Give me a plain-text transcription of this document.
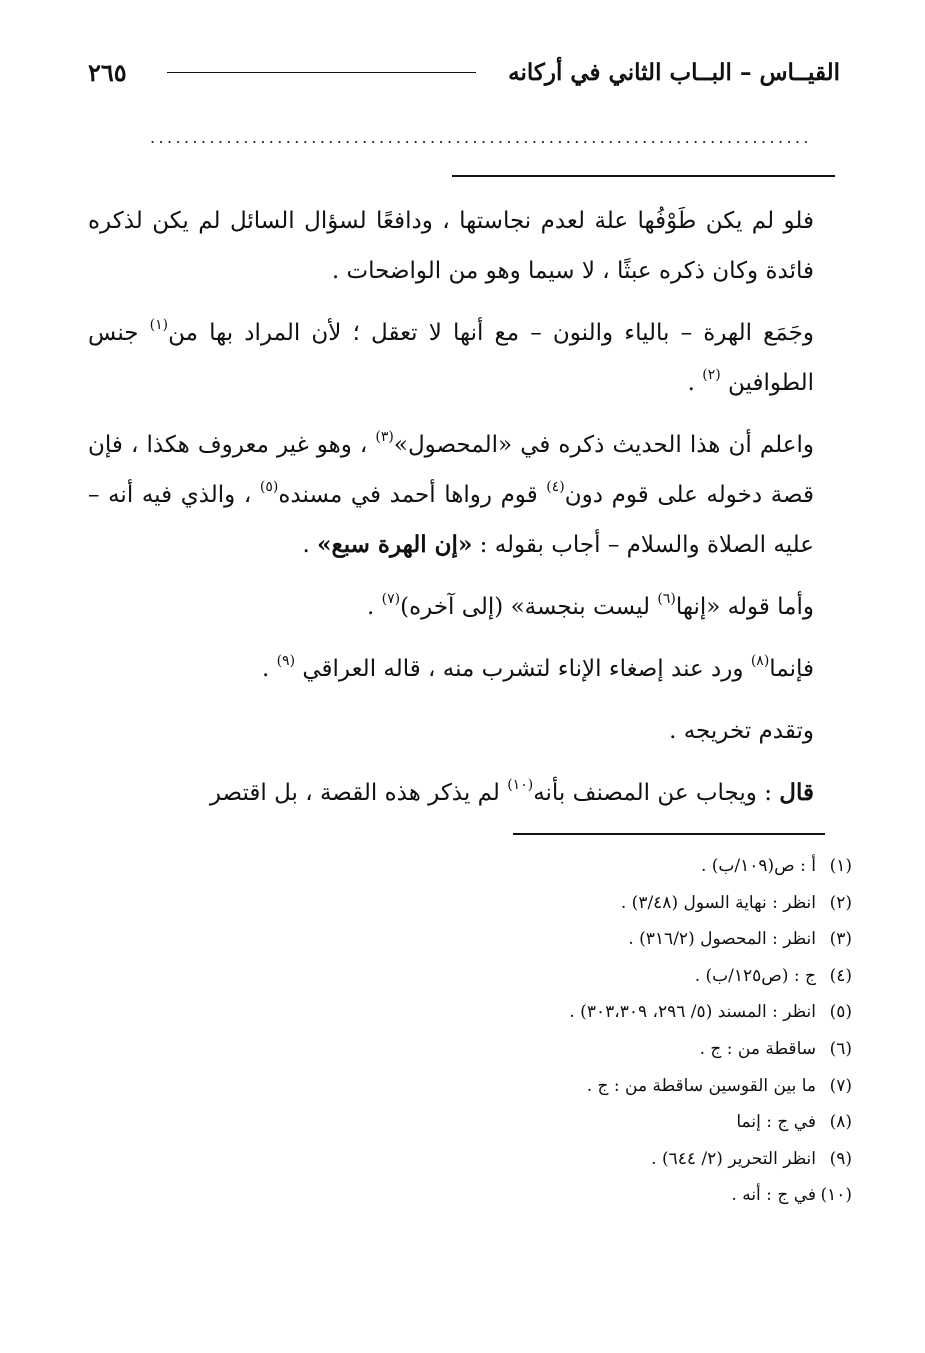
القيــاس – البــاب الثاني في أركانه
٢٦٥
.....

فلو لم يكن طَوْفُها علة لعدم نجاستها ، ودافعًا لسؤال السائل لم يكن لذكره فائدة وكان ذكره عبثًا ، لا سيما وهو من الواضحات .

وجَمَع الهرة – بالياء والنون – مع أنها لا تعقل ؛ لأن المراد بها من$^{(١)}$ جنس الطوافين $^{(٢)}$ .

واعلم أن هذا الحديث ذكره في «المحصول»$^{(٣)}$ ، وهو غير معروف هكذا ، فإن قصة دخوله على قوم دون$^{(٤)}$ قوم رواها أحمد في مسنده$^{(٥)}$ ، والذي فيه أنه – عليه الصلاة والسلام – أجاب بقوله : «إن الهرة سبع» .

وأما قوله «إنها$^{(٦)}$ ليست بنجسة» (إلى آخره)$^{(٧)}$ .

فإنما$^{(٨)}$ ورد عند إصغاء الإناء لتشرب منه ، قاله العراقي $^{(٩)}$ .

وتقدم تخريجه .

قال : ويجاب عن المصنف بأنه$^{(١٠)}$ لم يذكر هذه القصة ، بل اقتصر

(١)أ : ص(١٠٩/ب) .
(٢)انظر : نهاية السول (٣/٤٨) .
(٣)انظر : المحصول (٣١٦/٢) .
(٤)ج : (ص١٢٥/ب) .
(٥)انظر : المسند (٥/ ٢٩٦، ٣٠٣،٣٠٩) .
(٦)ساقطة من : ج .
(٧)ما بين القوسين ساقطة من : ج .
(٨)في ج : إنما
(٩)انظر التحرير (٢/ ٦٤٤) .
(١٠)في ج : أنه .
